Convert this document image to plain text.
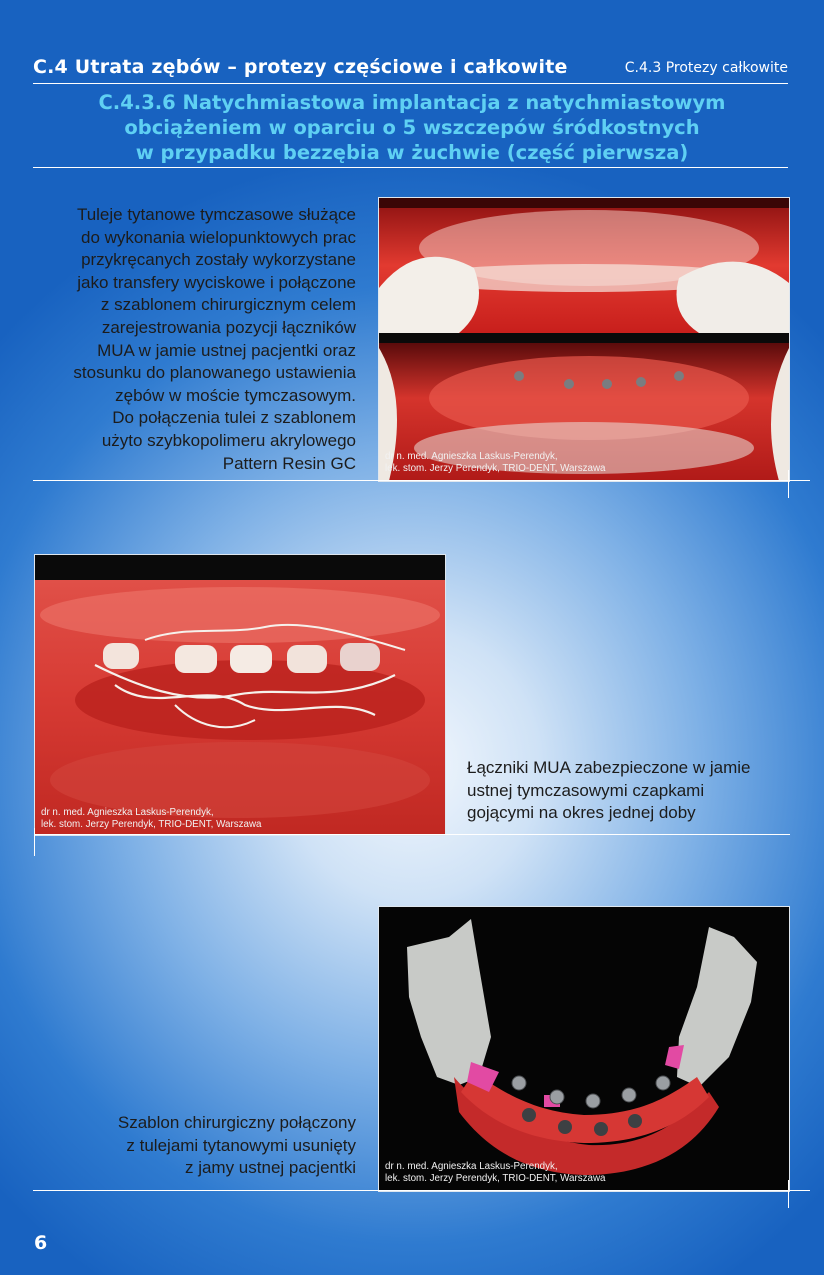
C.4 Utrata zębów – protezy częściowe i całkowite	C.4.3 Protezy całkowite
C.4.3.6 Natychmiastowa implantacja z natychmiastowym
obciążeniem w oparciu o 5 wszczepów śródkostnych
w przypadku bezzębia w żuchwie (część pierwsza)
Tuleje tytanowe tymczasowe służące
do wykonania wielopunktowych prac
przykręcanych zostały wykorzystane
jako transfery wyciskowe i połączone
z szablonem chirurgicznym celem
zarejestrowania pozycji łączników
MUA w jamie ustnej pacjentki oraz
stosunku do planowanego ustawienia
zębów w moście tymczasowym.
Do połączenia tulei z szablonem
użyto szybkopolimeru akrylowego
Pattern Resin GC	dr n. med. Agnieszka Laskus-Perendyk,
lek. stom. Jerzy Perendyk, TRIO-DENT, Warszawa
dr n. med. Agnieszka Laskus-Perendyk,
lek. stom. Jerzy Perendyk, TRIO-DENT, Warszawa
Łączniki MUA zabezpieczone w jamie
ustnej tymczasowymi czapkami
gojącymi na okres jednej doby
Szablon chirurgiczny połączony
z tulejami tytanowymi usunięty
z jamy ustnej pacjentki	dr n. med. Agnieszka Laskus-Perendyk,
lek. stom. Jerzy Perendyk, TRIO-DENT, Warszawa
6
